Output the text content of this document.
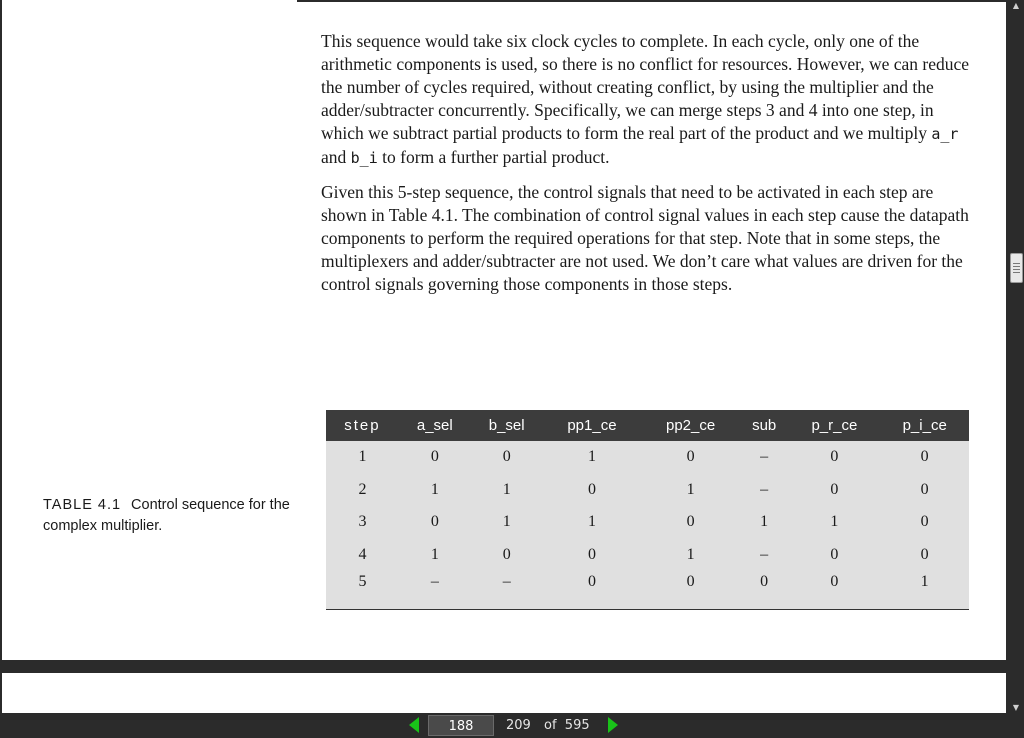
This sequence would take six clock cycles to complete. In each cycle, only one of the arithmetic components is used, so there is no conflict for resources. However, we can reduce the number of cycles required, without creating conflict, by using the multiplier and the adder/subtracter concurrently. Specifically, we can merge steps 3 and 4 into one step, in which we subtract partial products to form the real part of the product and we multiply a_r and b_i to form a further partial product.

Given this 5-step sequence, the control signals that need to be activated in each step are shown in Table 4.1. The combination of control signal values in each step cause the datapath components to perform the required operations for that step. Note that in some steps, the multiplexers and adder/subtracter are not used. We don’t care what values are driven for the control signals governing those components in those steps.

TABLE 4.1 Control sequence for the complex multiplier.
step	a_sel	b_sel	pp1_ce	pp2_ce	sub	p_r_ce	p_i_ce
1	0	0	1	0	–	0	0
2	1	1	0	1	–	0	0
3	0	1	1	0	1	1	0
4	1	0	0	1	–	0	0
5	–	–	0	0	0	0	1
▲
▼
188	209 of 595
